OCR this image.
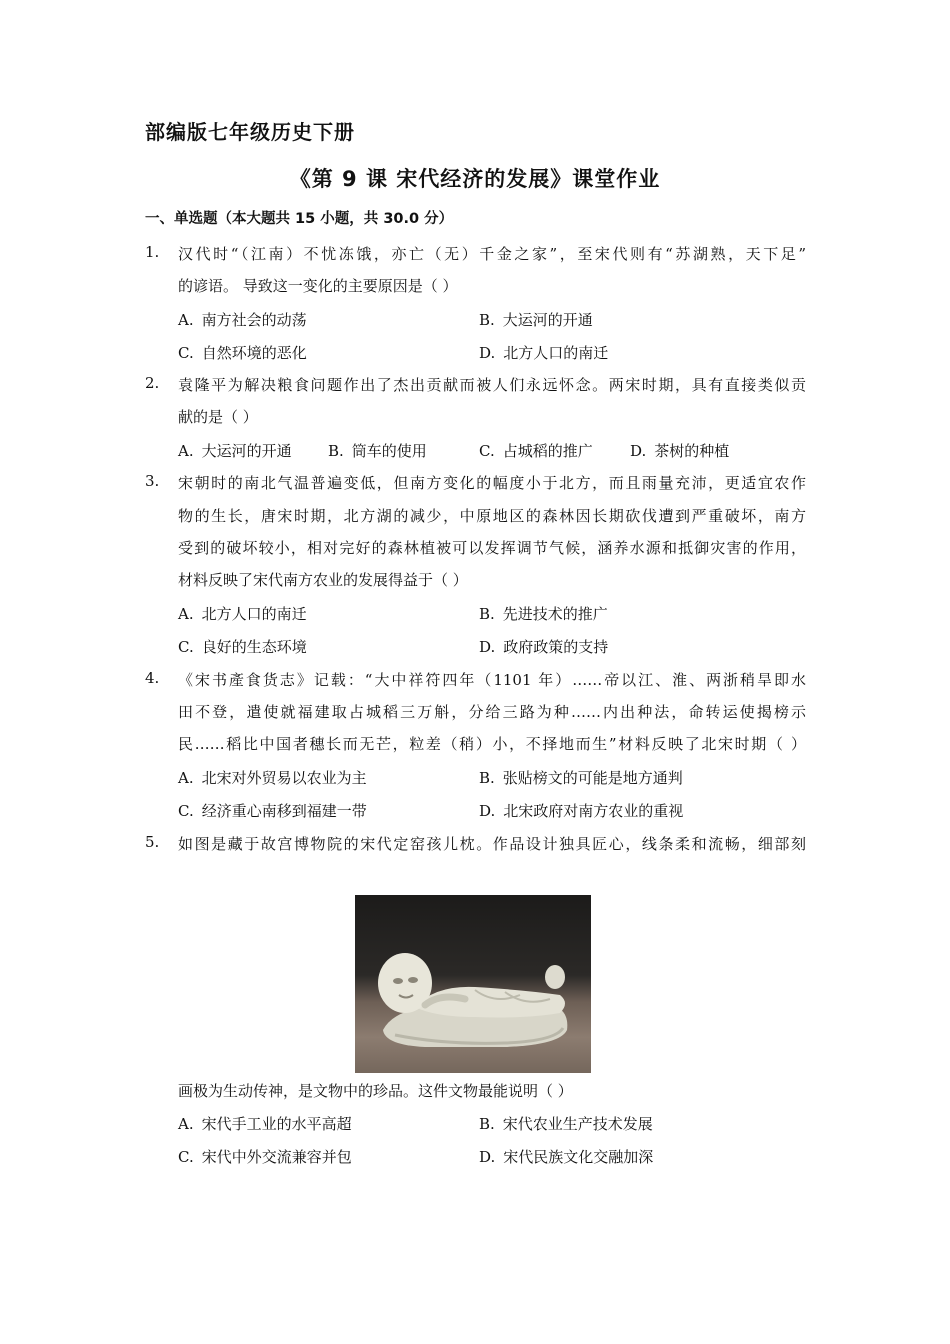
部编版七年级历史下册
《第 9 课 宋代经济的发展》课堂作业
一、单选题（本大题共 15 小题，共 30.0 分）
1. 汉代时“（江南）不忧冻饿，亦亡（无）千金之家”，至宋代则有“苏湖熟，天下足”
的谚语。 导致这一变化的主要原因是（ ）
A. 南方社会的动荡	B. 大运河的开通
C. 自然环境的恶化	D. 北方人口的南迁
2. 袁隆平为解决粮食问题作出了杰出贡献而被人们永远怀念。两宋时期，具有直接类似贡
献的是（ ）
A. 大运河的开通 B. 筒车的使用	C. 占城稻的推广 D. 茶树的种植
3. 宋朝时的南北气温普遍变低，但南方变化的幅度小于北方，而且雨量充沛，更适宜农作
物的生长，唐宋时期，北方湖的减少，中原地区的森林因长期砍伐遭到严重破坏，南方
受到的破坏较小，相对完好的森林植被可以发挥调节气候，涵养水源和抵御灾害的作用，
材料反映了宋代南方农业的发展得益于（ ）
A. 北方人口的南迁	B. 先进技术的推广
C. 良好的生态环境	D. 政府政策的支持
4. 《宋书產食货志》记载：“大中祥符四年（1101 年）……帝以江、淮、两浙稍旱即水
田不登，遣使就福建取占城稻三万斛，分给三路为种……内出种法，命转运使揭榜示
民……稻比中国者穗长而无芒，粒差（稍）小，不择地而生”材料反映了北宋时期（ ）
A. 北宋对外贸易以农业为主	B. 张贴榜文的可能是地方通判
C. 经济重心南移到福建一带	D. 北宋政府对南方农业的重视
5. 如图是藏于故宫博物院的宋代定窑孩儿枕。作品设计独具匠心，线条柔和流畅，细部刻
画极为生动传神，是文物中的珍品。这件文物最能说明（ ）
A. 宋代手工业的水平高超	B. 宋代农业生产技术发展
C. 宋代中外交流兼容并包	D. 宋代民族文化交融加深
